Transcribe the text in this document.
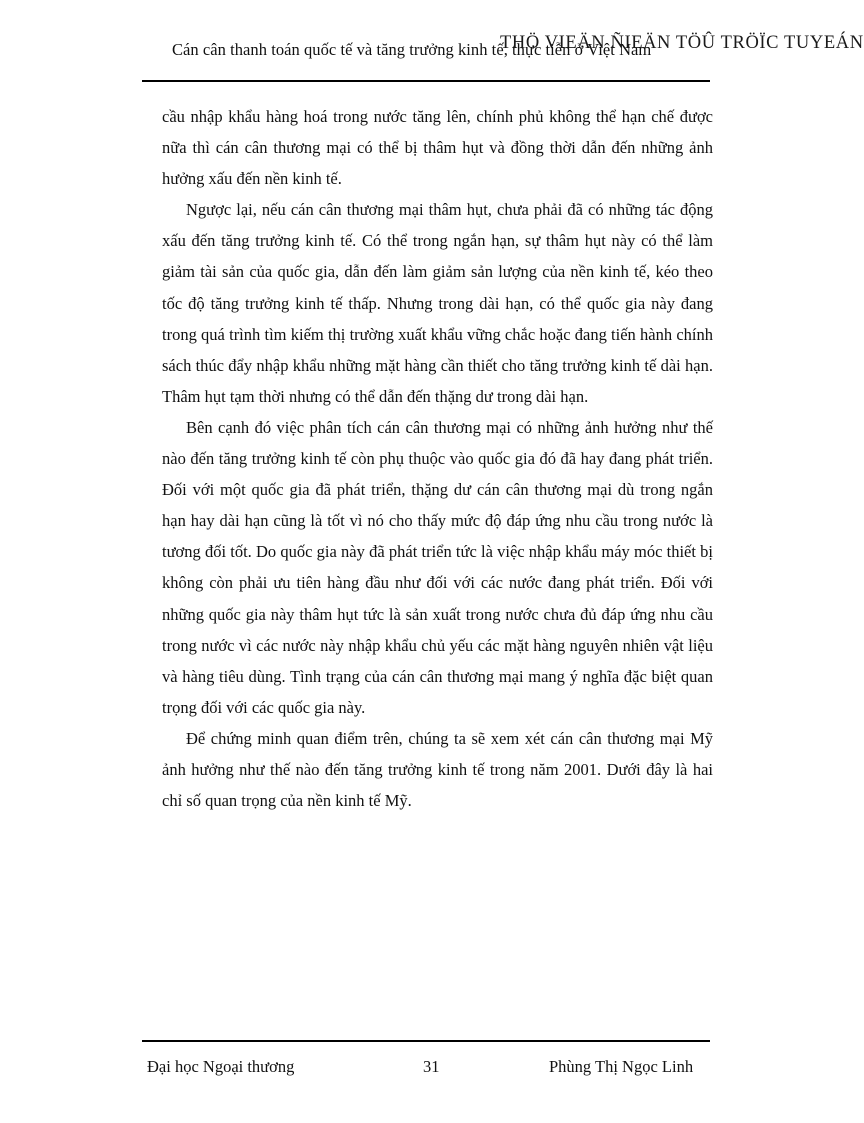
Cán cân thanh toán quốc tế và tăng trưởng kinh tế, thực tiễn ở Việt Nam
THÖ VIEÄN ÑIEÄN TÖÛ TRÖÏC TUYEÁN

cầu nhập khẩu hàng hoá trong nước tăng lên, chính phủ không thể hạn chế được nữa thì cán cân thương mại có thể bị thâm hụt và đồng thời dẫn đến những ảnh hưởng xấu đến nền kinh tế.

Ngược lại, nếu cán cân thương mại thâm hụt, chưa phải đã có những tác động xấu đến tăng trưởng kinh tế. Có thể trong ngắn hạn, sự thâm hụt này có thể làm giảm tài sản của quốc gia, dẫn đến làm giảm sản lượng của nền kinh tế, kéo theo tốc độ tăng trưởng kinh tế thấp. Nhưng trong dài hạn, có thể quốc gia này đang trong quá trình tìm kiếm thị trường xuất khẩu vững chắc hoặc đang tiến hành chính sách thúc đẩy nhập khẩu những mặt hàng cần thiết cho tăng trưởng kinh tế dài hạn. Thâm hụt tạm thời nhưng có thể dẫn đến thặng dư trong dài hạn.

Bên cạnh đó việc phân tích cán cân thương mại có những ảnh hưởng như thế nào đến tăng trưởng kinh tế còn phụ thuộc vào quốc gia đó đã hay đang phát triển. Đối với một quốc gia đã phát triển, thặng dư cán cân thương mại dù trong ngắn hạn hay dài hạn cũng là tốt vì nó cho thấy mức độ đáp ứng nhu cầu trong nước là tương đối tốt. Do quốc gia này đã phát triển tức là việc nhập khẩu máy móc thiết bị không còn phải ưu tiên hàng đầu như đối với các nước đang phát triển. Đối với những quốc gia này thâm hụt tức là sản xuất trong nước chưa đủ đáp ứng nhu cầu trong nước vì các nước này nhập khẩu chủ yếu các mặt hàng nguyên nhiên vật liệu và hàng tiêu dùng. Tình trạng của cán cân thương mại mang ý nghĩa đặc biệt quan trọng đối với các quốc gia này.

Để chứng minh quan điểm trên, chúng ta sẽ xem xét cán cân thương mại Mỹ ảnh hưởng như thế nào đến tăng trưởng kinh tế trong năm 2001. Dưới đây là hai chỉ số quan trọng của nền kinh tế Mỹ.

Đại học Ngoại thương	31	Phùng Thị Ngọc Linh
